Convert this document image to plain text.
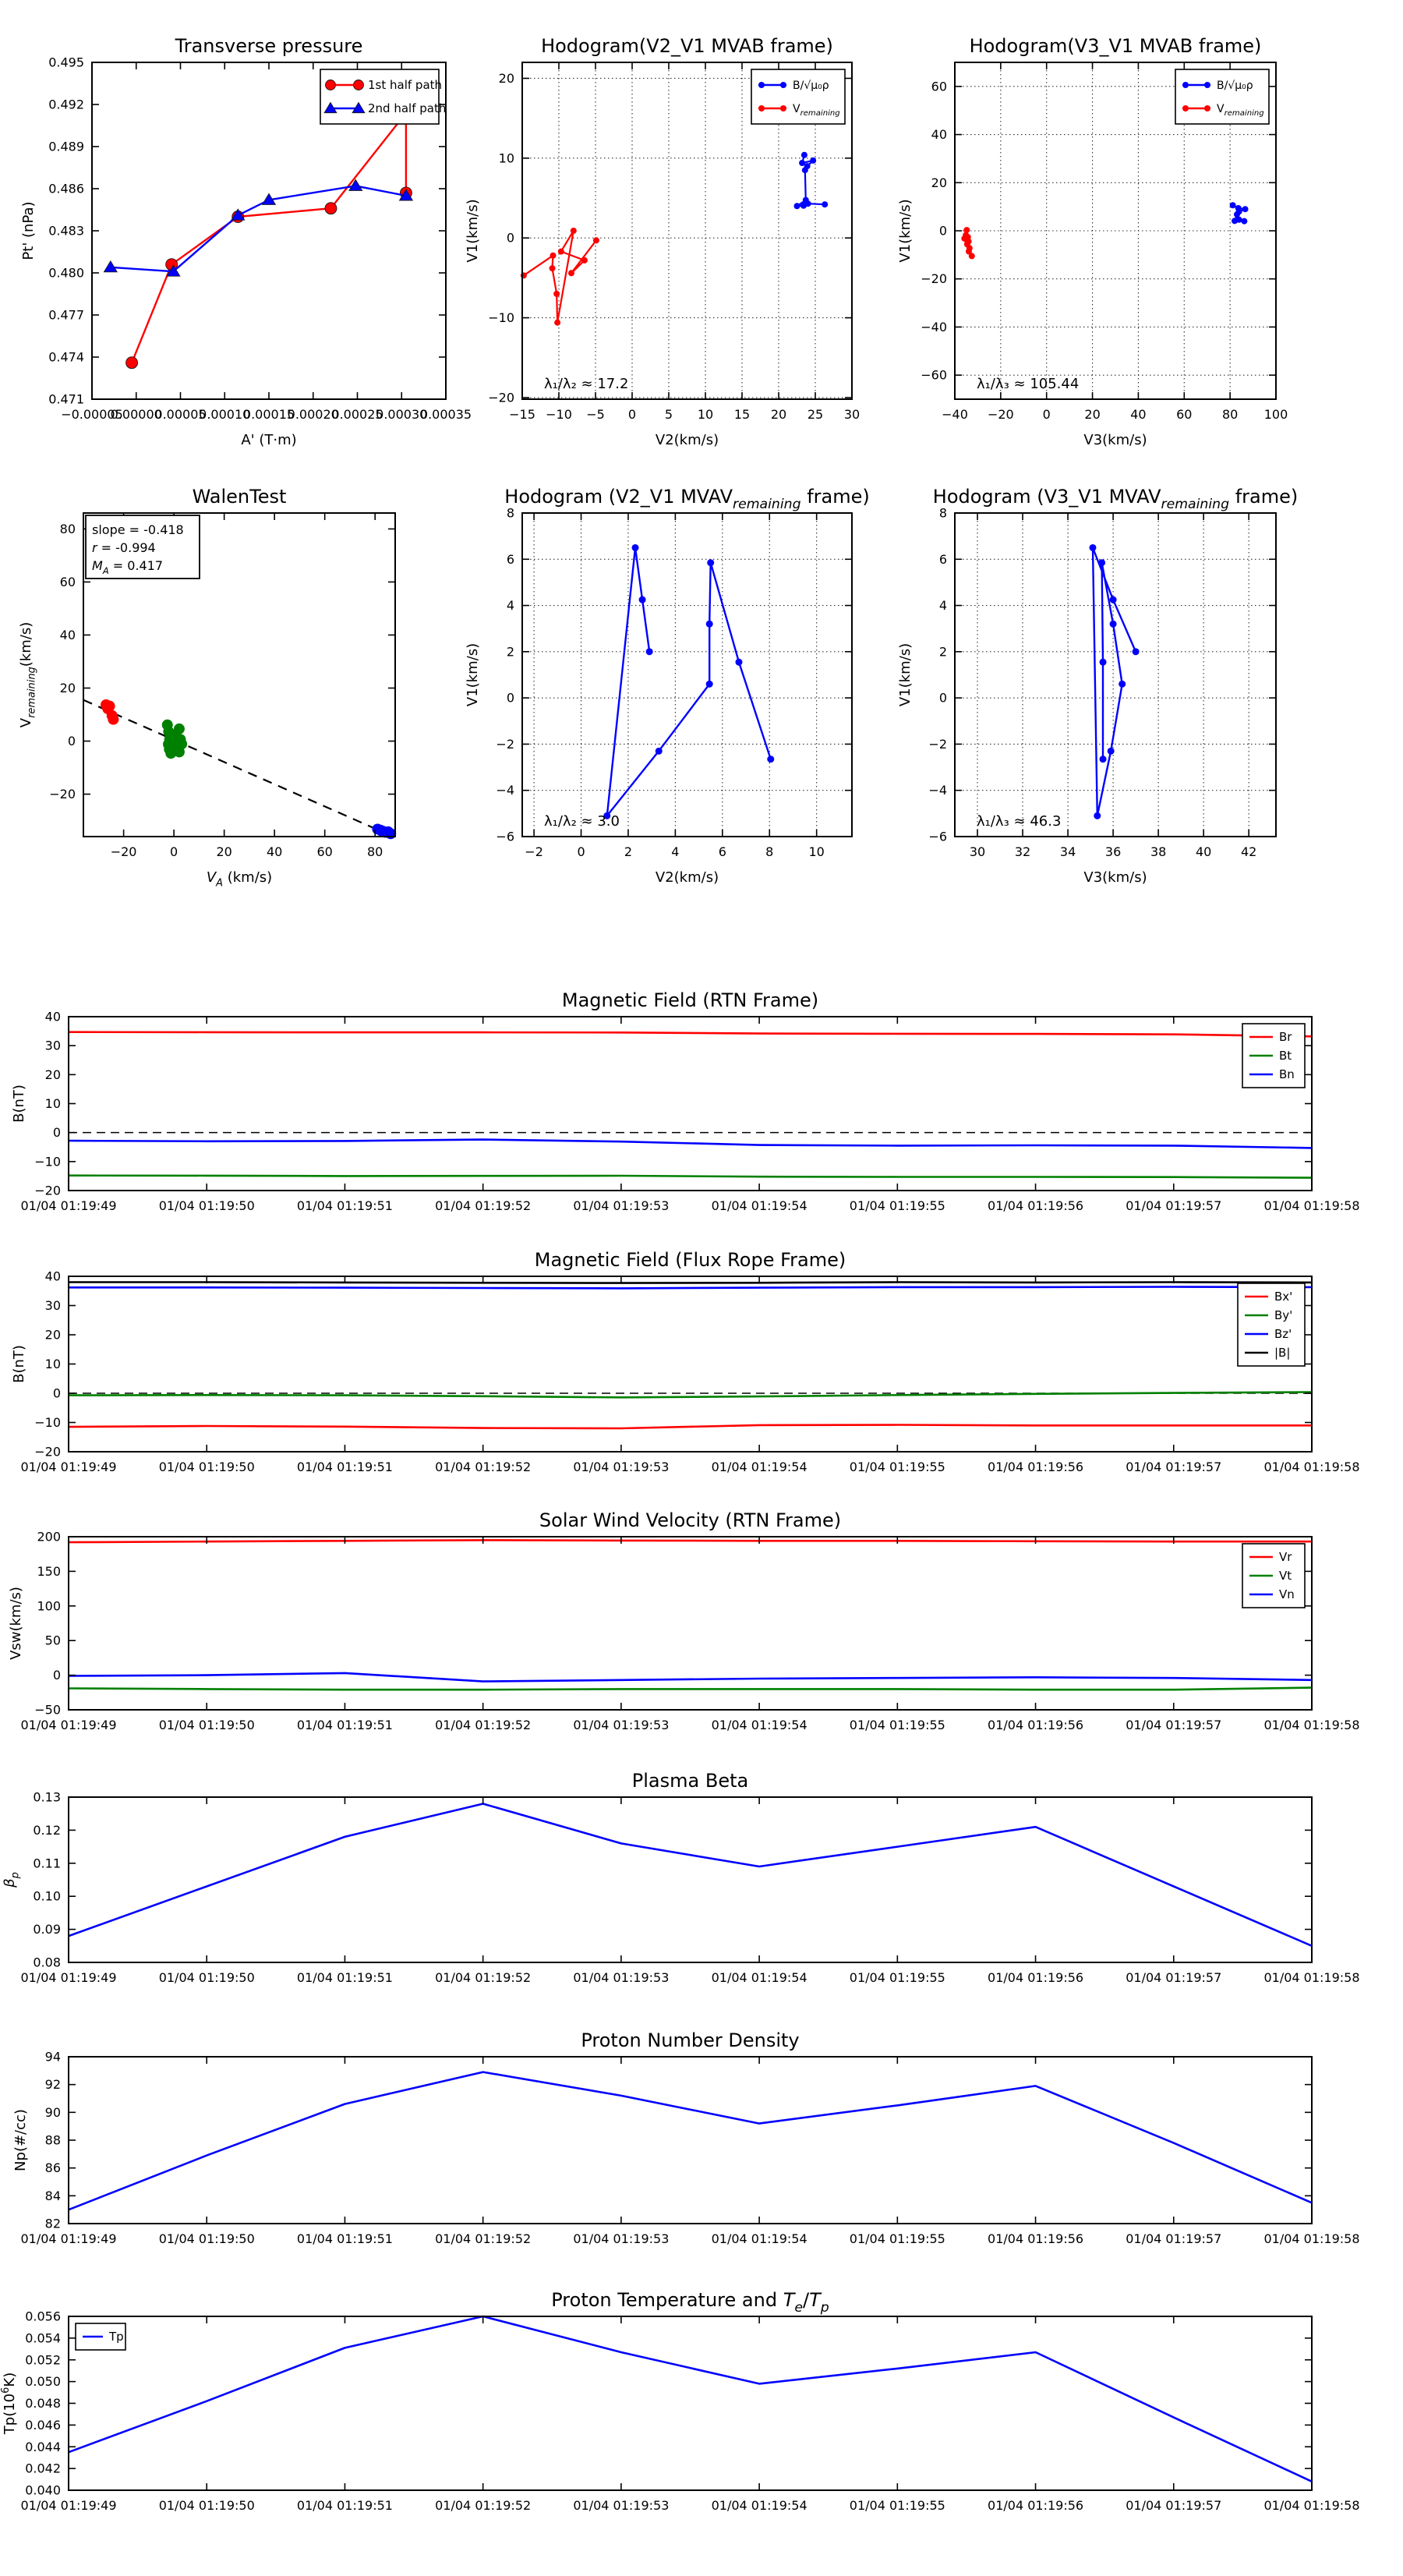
−0.00005
0.00000
0.00005
0.00010
0.00015
0.00020
0.00025
0.00030
0.00035
0.471
0.474
0.477
0.480
0.483
0.486
0.489
0.492
0.495
Transverse pressure
A' (T·m)
Pt' (nPa)
1st half path
2nd half path
−15 −10 −5 0 5 10 15 20 25 30
−20
−10
0
10
20
Hodogram(V2_V1 MVAB frame)
V2(km/s)
V1(km/s)
B/√μ₀ρ
$V_{remaining}$
λ₁/λ₂ ≈ 17.2
−40 −20 0	20 40 60 80 100
−60
−40
−20
0
20
40
60
Hodogram(V3_V1 MVAB frame)
V3(km/s)
V1(km/s)
B/√μ₀ρ
$V_{remaining}$
λ₁/λ₃ ≈ 105.44
−20	0	20	40	60	80
−20
0
20
40
60
80
WalenTest
$V_A$ (km/s)
$V_{remaining}(km/s)$
slope = -0.418
r = -0.994
$M_A = 0.417$
−2	0	2	4	6	8	10
−6
−4
−2
0
2
4
6
8
Hodogram (V2_V1 $MVAV_{remaining}$ frame)
V2(km/s)
V1(km/s)
λ₁/λ₂ ≈ 3.0
30 32 34 36 38 40 42
−6
−4
−2
0
2
4
6
8
Hodogram (V3_V1 $MVAV_{remaining}$ frame)
V3(km/s)
V1(km/s)
λ₁/λ₃ ≈ 46.3
01/04 01:19:49	01/04 01:19:50	01/04 01:19:51	01/04 01:19:52	01/04 01:19:53	01/04 01:19:54	01/04 01:19:55	01/04 01:19:56	01/04 01:19:57	01/04 01:19:58
−20
−10
0
10
20
30
40
Magnetic Field (RTN Frame)
B(nT)
Br
Bt
Bn
01/04 01:19:49	01/04 01:19:50	01/04 01:19:51	01/04 01:19:52	01/04 01:19:53	01/04 01:19:54	01/04 01:19:55	01/04 01:19:56	01/04 01:19:57	01/04 01:19:58
−20
−10
0
10
20
30
40
Magnetic Field (Flux Rope Frame)
B(nT)
Bx'
By'
Bz'
|B|
01/04 01:19:49	01/04 01:19:50	01/04 01:19:51	01/04 01:19:52	01/04 01:19:53	01/04 01:19:54	01/04 01:19:55	01/04 01:19:56	01/04 01:19:57	01/04 01:19:58
−50
0
50
100
150
200
Solar Wind Velocity (RTN Frame)
Vsw(km/s)
Vr
Vt
Vn
01/04 01:19:49	01/04 01:19:50	01/04 01:19:51	01/04 01:19:52	01/04 01:19:53	01/04 01:19:54	01/04 01:19:55	01/04 01:19:56	01/04 01:19:57	01/04 01:19:58
0.08
0.09
0.10
0.11
0.12
0.13
Plasma Beta
$\beta_p$
01/04 01:19:49	01/04 01:19:50	01/04 01:19:51	01/04 01:19:52	01/04 01:19:53	01/04 01:19:54	01/04 01:19:55	01/04 01:19:56	01/04 01:19:57	01/04 01:19:58
82
84
86
88
90
92
94
Proton Number Density
Np(#/cc)
01/04 01:19:49	01/04 01:19:50	01/04 01:19:51	01/04 01:19:52	01/04 01:19:53	01/04 01:19:54	01/04 01:19:55	01/04 01:19:56	01/04 01:19:57	01/04 01:19:58
0.040
0.042
0.044
0.046
0.048
0.050
0.052
0.054
0.056
Proton Temperature and $T_e/T_p$
$Tp(10^6K)$
Tp
